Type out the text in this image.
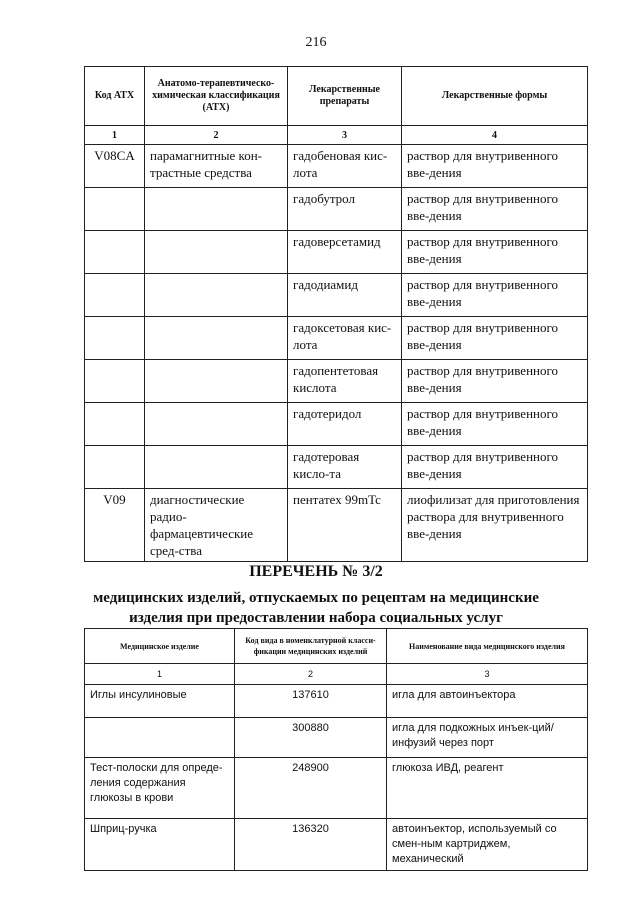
216
Код АТХ	Анатомо-терапевтическо-химическая классификация (АТХ)	Лекарственные препараты	Лекарственные формы
1	2	3	4
V08CA	парамагнитные кон-трастные средства	гадобеновая кис-лота	раствор для внутривенного вве-дения
		гадобутрол	раствор для внутривенного вве-дения
		гадоверсетамид	раствор для внутривенного вве-дения
		гадодиамид	раствор для внутривенного вве-дения
		гадоксетовая кис-лота	раствор для внутривенного вве-дения
		гадопентетовая кислота	раствор для внутривенного вве-дения
		гадотеридол	раствор для внутривенного вве-дения
		гадотеровая кисло-та	раствор для внутривенного вве-дения
V09	диагностические радио-фармацевтические сред-ства	пентатех 99mTc	лиофилизат для приготовления раствора для внутривенного вве-дения
ПЕРЕЧЕНЬ № 3/2
медицинских изделий, отпускаемых по рецептам на медицинские
изделия при предоставлении набора социальных услуг
Медицинское изделие	Код вида в номенклатурной класси-фикации медицинских изделий	Наименование вида медицинского изделия
1	2	3
Иглы инсулиновые	137610	игла для автоинъектора
	300880	игла для подкожных инъек-ций/инфузий через порт
Тест-полоски для опреде-ления содержания глюкозы в крови	248900	глюкоза ИВД, реагент
Шприц-ручка	136320	автоинъектор, используемый со смен-ным картриджем, механический
